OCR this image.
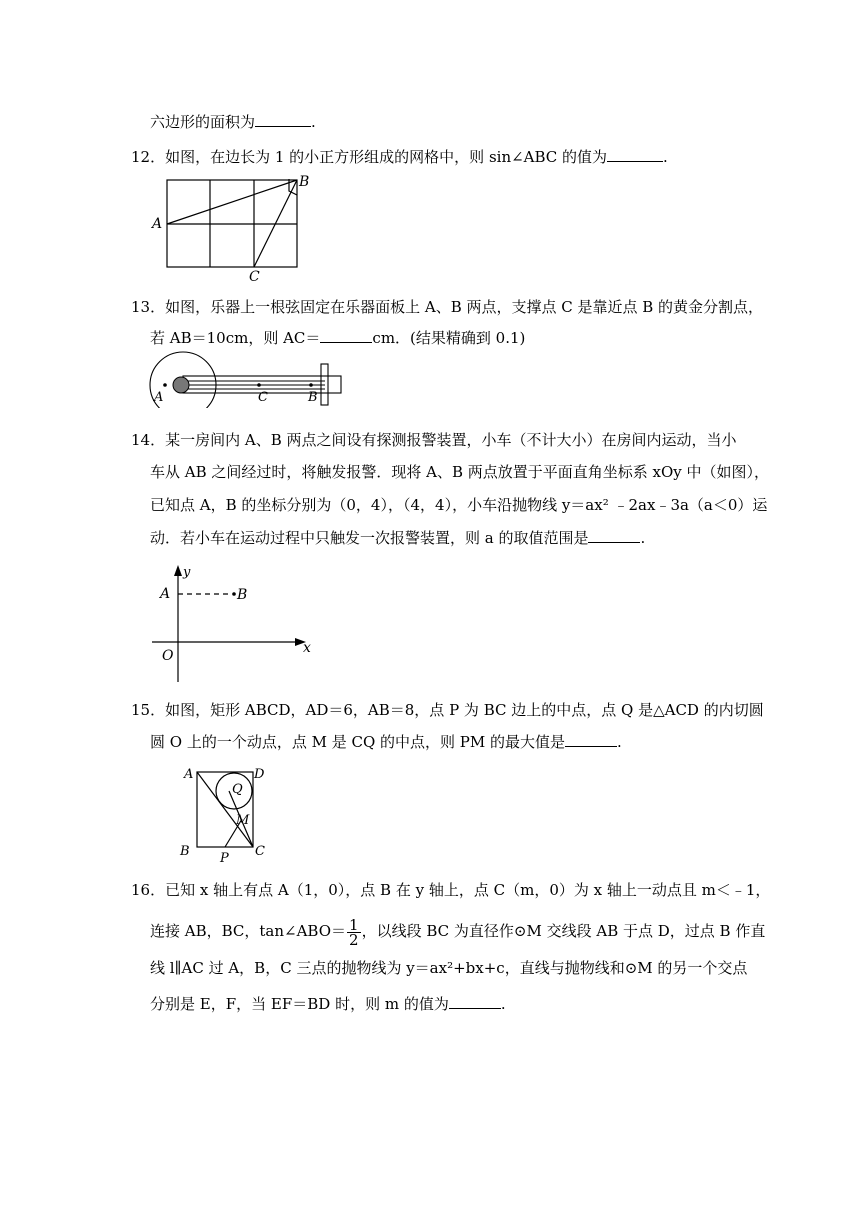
六边形的面积为	.
12．如图，在边长为 1 的小正方形组成的网格中，则 sin∠ABC 的值为	.
A
B
C
13．如图，乐器上一根弦固定在乐器面板上 A、B 两点，支撑点 C 是靠近点 B 的黄金分割点，
若 AB＝10cm，则 AC＝	cm．(结果精确到 0.1)
A	C	B
14．某一房间内 A、B 两点之间设有探测报警装置，小车（不计大小）在房间内运动，当小
车从 AB 之间经过时，将触发报警．现将 A、B 两点放置于平面直角坐标系 xOy 中（如图），
已知点 A，B 的坐标分别为（0，4），（4，4），小车沿抛物线 y＝ax² ﹣2ax﹣3a（a＜0）运
动．若小车在运动过程中只触发一次报警装置，则 a 的取值范围是	.
y
x
A	B
O
15．如图，矩形 ABCD，AD＝6，AB＝8，点 P 为 BC 边上的中点，点 Q 是△ACD 的内切圆
圆 O 上的一个动点，点 M 是 CQ 的中点，则 PM 的最大值是	.
A	D
Q
M
B P C
16．已知 x 轴上有点 A（1，0），点 B 在 y 轴上，点 C（m，0）为 x 轴上一动点且 m＜﹣1，
连接 AB，BC，tan∠ABO＝ $\frac{1}{2}$ ，以线段 BC 为直径作⊙M 交线段 AB 于点 D，过点 B 作直
线 l∥AC 过 A，B，C 三点的抛物线为 y＝ax²+bx+c，直线与抛物线和⊙M 的另一个交点
分别是 E，F，当 EF＝BD 时，则 m 的值为	.
